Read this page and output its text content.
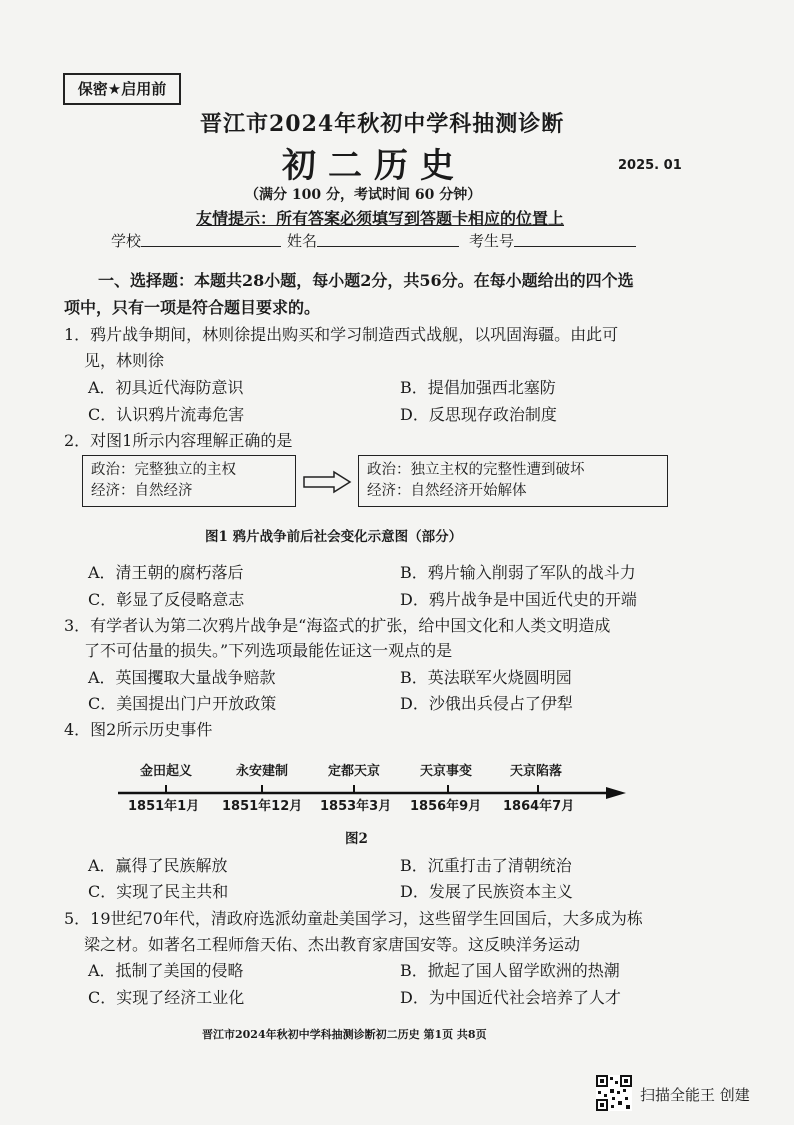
保密★启用前
晋江市2024年秋初中学科抽测诊断
初二历史	2025. 01
（满分 100 分，考试时间 60 分钟）
友情提示：所有答案必须填写到答题卡相应的位置上
学校	姓名	考生号
一、选择题：本题共28小题，每小题2分，共56分。在每小题给出的四个选
项中，只有一项是符合题目要求的。
1．鸦片战争期间，林则徐提出购买和学习制造西式战舰，以巩固海疆。由此可
见，林则徐
A．初具近代海防意识	B．提倡加强西北塞防
C．认识鸦片流毒危害	D．反思现存政治制度
2．对图1所示内容理解正确的是
政治：完整独立的主权
经济：自然经济
政治：独立主权的完整性遭到破坏
经济：自然经济开始解体
图1 鸦片战争前后社会变化示意图（部分）
A．清王朝的腐朽落后	B．鸦片输入削弱了军队的战斗力
C．彰显了反侵略意志	D．鸦片战争是中国近代史的开端
3．有学者认为第二次鸦片战争是“海盗式的扩张，给中国文化和人类文明造成
了不可估量的损失。”下列选项最能佐证这一观点的是
A．英国攫取大量战争赔款	B．英法联军火烧圆明园
C．美国提出门户开放政策	D．沙俄出兵侵占了伊犁
4．图2所示历史事件
金田起义	永安建制	定都天京	天京事变	天京陷落
1851年1月 1851年12月 1853年3月 1856年9月 1864年7月
图2
A．赢得了民族解放	B．沉重打击了清朝统治
C．实现了民主共和	D．发展了民族资本主义
5．19世纪70年代，清政府选派幼童赴美国学习，这些留学生回国后，大多成为栋
梁之材。如著名工程师詹天佑、杰出教育家唐国安等。这反映洋务运动
A．抵制了美国的侵略	B．掀起了国人留学欧洲的热潮
C．实现了经济工业化	D．为中国近代社会培养了人才
晋江市2024年秋初中学科抽测诊断初二历史 第1页 共8页
扫描全能王 创建
